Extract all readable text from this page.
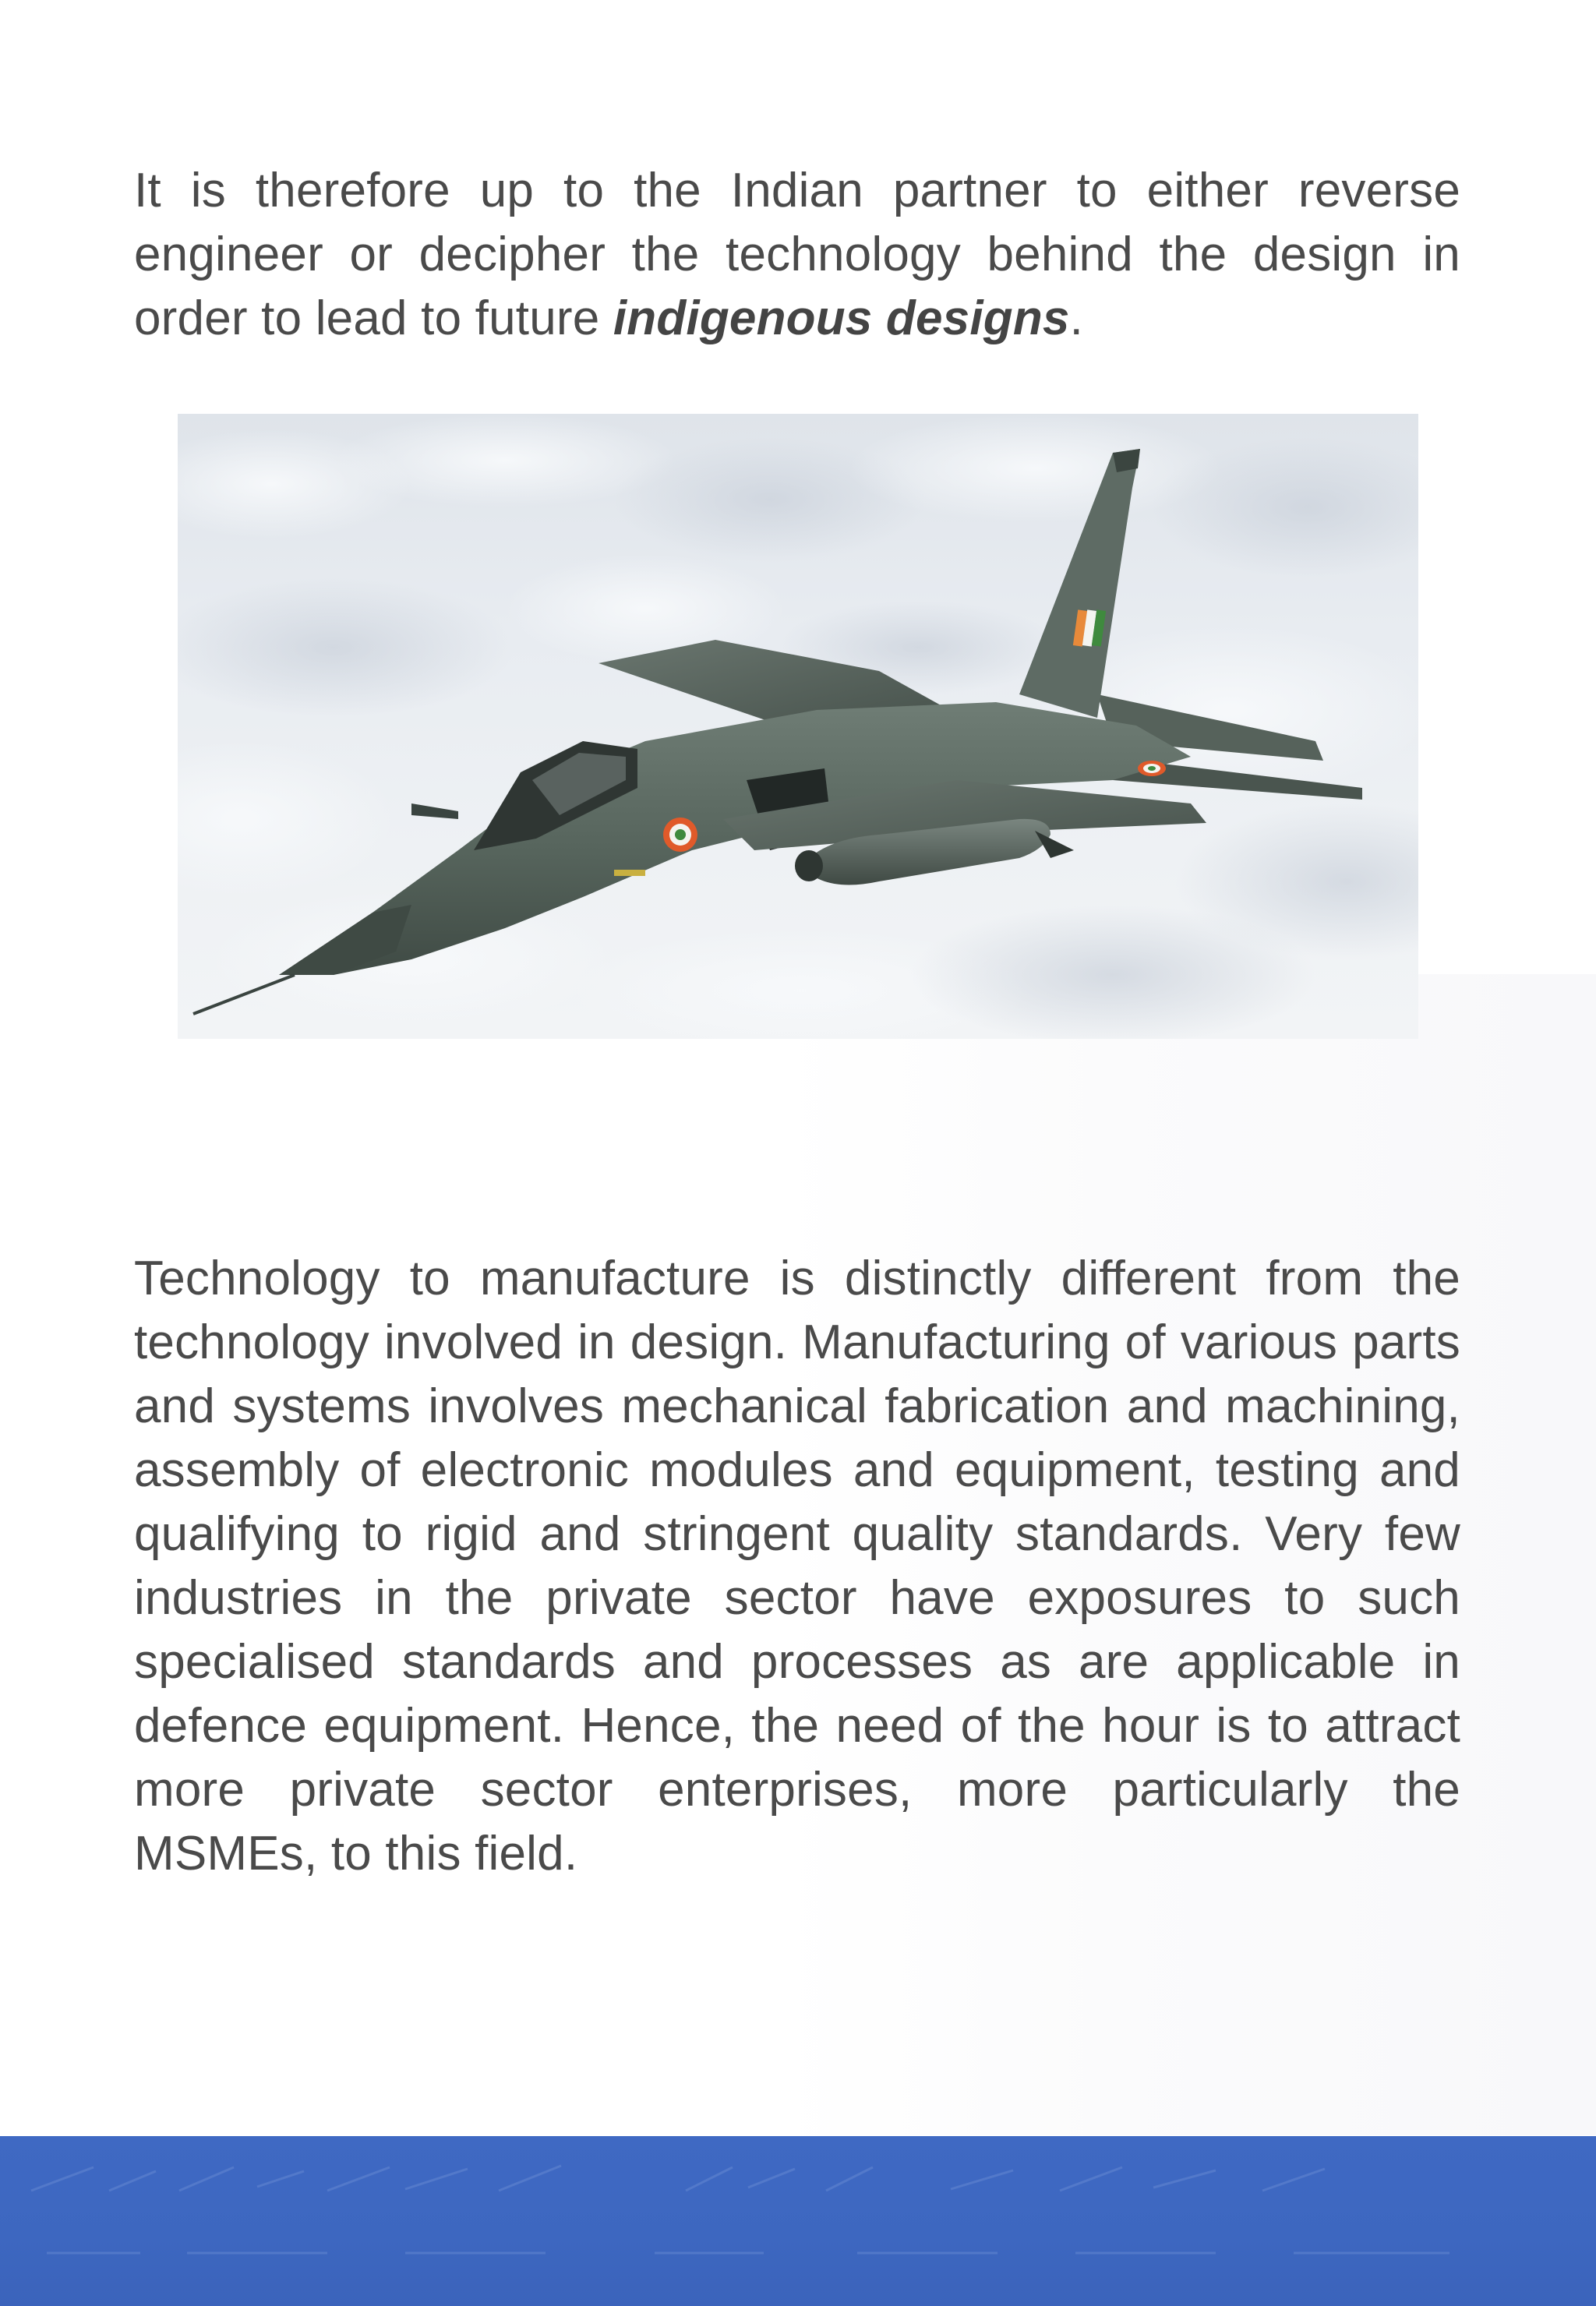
It is therefore up to the Indian partner to either reverse engineer or decipher the technology behind the design in order to lead to future indigenous designs.

Technology to manufacture is distinctly different from the technology involved in design. Manufacturing of various parts and systems involves mechanical fabrication and machining, assembly of electronic modules and equipment, testing and qualifying to rigid and stringent quality standards. Very few industries in the private sector have exposures to such specialised standards and processes as are applicable in defence equipment. Hence, the need of the hour is to attract more private sector enterprises, more particularly the MSMEs, to this field.
